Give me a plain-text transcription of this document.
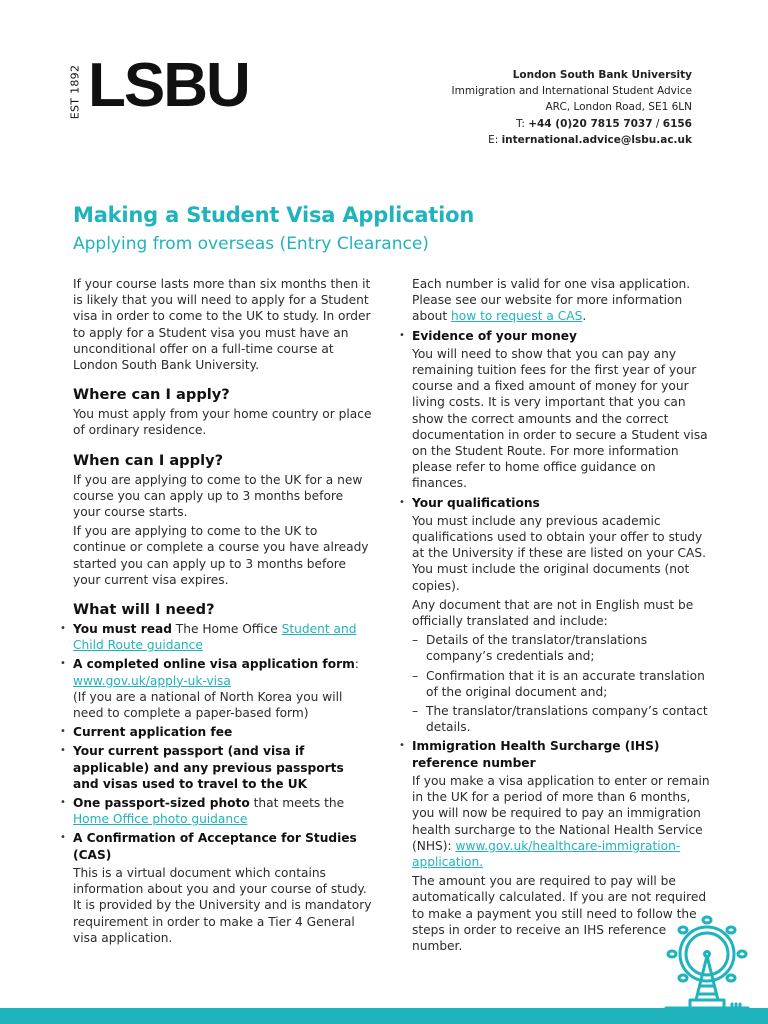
EST 1892 LSBU	London South Bank University
Immigration and International Student Advice
ARC, London Road, SE1 6LN
T: +44 (0)20 7815 7037 / 6156
E: international.advice@lsbu.ac.uk
Making a Student Visa Application
Applying from overseas (Entry Clearance)

If your course lasts more than six months then it is likely that you will need to apply for a Student visa in order to come to the UK to study. In order to apply for a Student visa you must have an unconditional offer on a full-time course at London South Bank University.

Where can I apply?

You must apply from your home country or place of ordinary residence.

When can I apply?

If you are applying to come to the UK for a new course you can apply up to 3 months before your course starts.

If you are applying to come to the UK to continue or complete a course you have already started you can apply up to 3 months before your current visa expires.

What will I need?
• You must read The Home Office Student and Child Route guidance
• A completed online visa application form:
www.gov.uk/apply-uk-visa
(If you are a national of North Korea you will need to complete a paper-based form)
• Current application fee
• Your current passport (and visa if applicable) and any previous passports and visas used to travel to the UK
• One passport-sized photo that meets the Home Office photo guidance
• A Confirmation of Acceptance for Studies (CAS)

This is a virtual document which contains information about you and your course of study. It is provided by the University and is mandatory requirement in order to make a Tier 4 General visa application.

Each number is valid for one visa application. Please see our website for more information about how to request a CAS.

• Evidence of your money

You will need to show that you can pay any remaining tuition fees for the first year of your course and a fixed amount of money for your living costs. It is very important that you can show the correct amounts and the correct documentation in order to secure a Student visa on the Student Route. For more information please refer to home office guidance on finances.

• Your qualifications

You must include any previous academic qualifications used to obtain your offer to study at the University if these are listed on your CAS. You must include the original documents (not copies).

Any document that are not in English must be officially translated and include:

– Details of the translator/translations company’s credentials and;
– Confirmation that it is an accurate translation of the original document and;
– The translator/translations company’s contact details.
• Immigration Health Surcharge (IHS) reference number

If you make a visa application to enter or remain in the UK for a period of more than 6 months, you will now be required to pay an immigration health surcharge to the National Health Service (NHS): www.gov.uk/healthcare-immigration-application.

The amount you are required to pay will be automatically calculated. If you are not required to make a payment you still need to follow the steps in order to receive an IHS reference number.
